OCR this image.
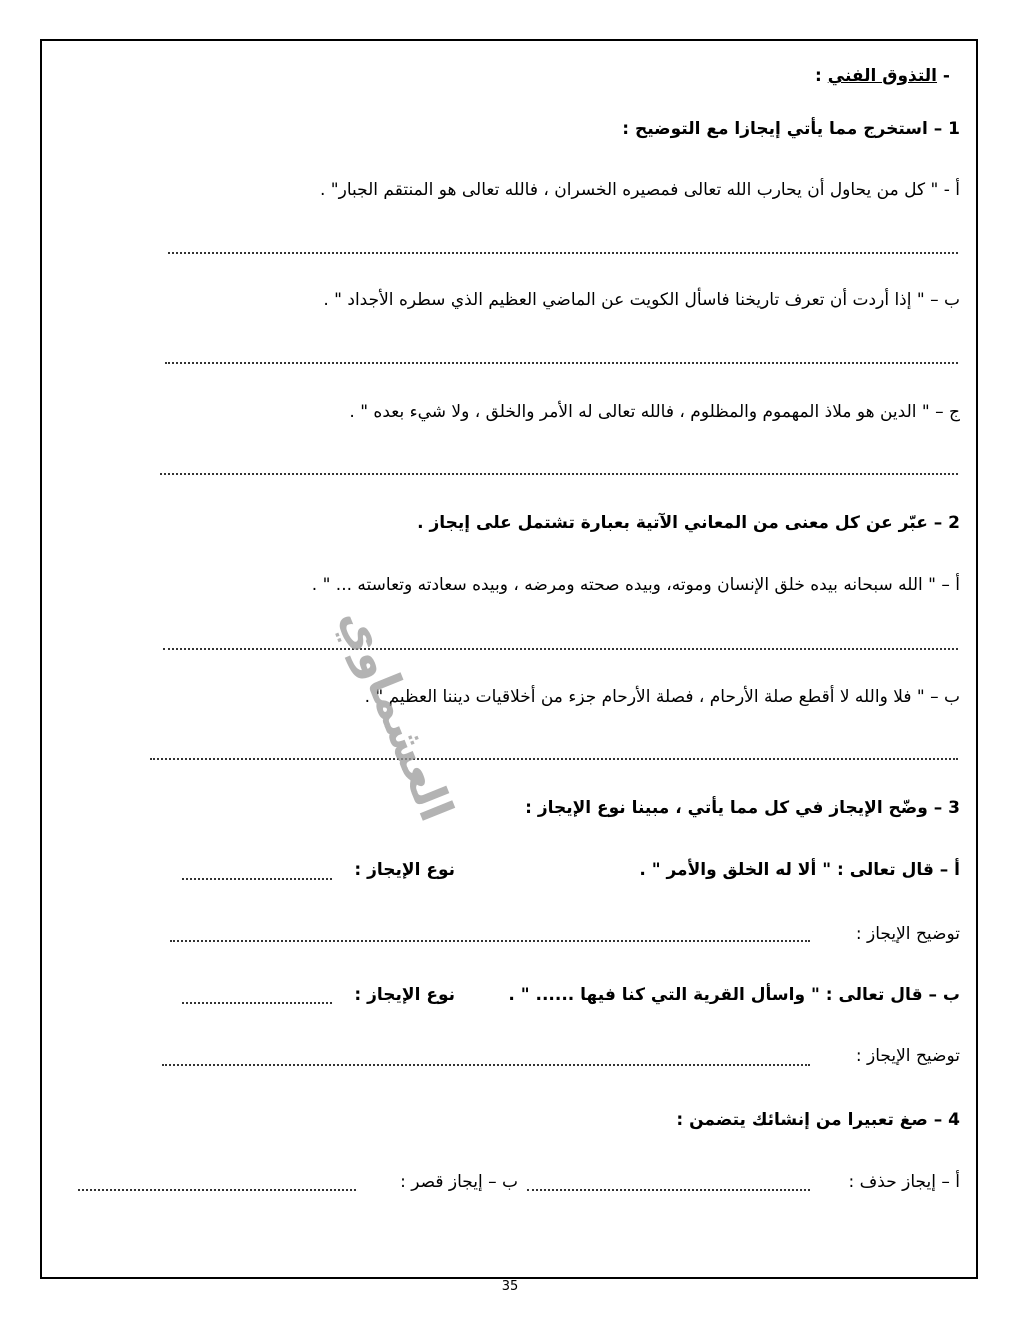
- التذوق الفني :
1 – استخرج مما يأتي إيجازا مع التوضيح :
أ - " كل من يحاول أن يحارب الله تعالى فمصيره الخسران ، فالله تعالى هو المنتقم الجبار" .
ب – " إذا أردت أن تعرف تاريخنا فاسأل الكويت عن الماضي العظيم الذي سطره الأجداد " .
ج – " الدين هو ملاذ المهموم والمظلوم ، فالله تعالى له الأمر والخلق ، ولا شيء بعده " .
2 – عبّر عن كل معنى من المعاني الآتية بعبارة تشتمل على إيجاز .
أ – " الله سبحانه بيده خلق الإنسان وموته، وبيده صحته ومرضه ، وبيده سعادته وتعاسته ... " .
ب – " فلا والله لا أقطع صلة الأرحام ، فصلة الأرحام جزء من أخلاقيات ديننا العظيم " .
3 – وضّح الإيجاز في كل مما يأتي ، مبينا نوع الإيجاز :
أ – قال تعالى : " ألا له الخلق والأمر " .
نوع الإيجاز :
توضيح الإيجاز :
ب – قال تعالى : " واسأل القرية التي كنا فيها ...... " .
نوع الإيجاز :
توضيح الإيجاز :
4 – صغ تعبيرا من إنشائك يتضمن :
أ – إيجاز حذف :
ب – إيجاز قصر :
العشماوي
35
